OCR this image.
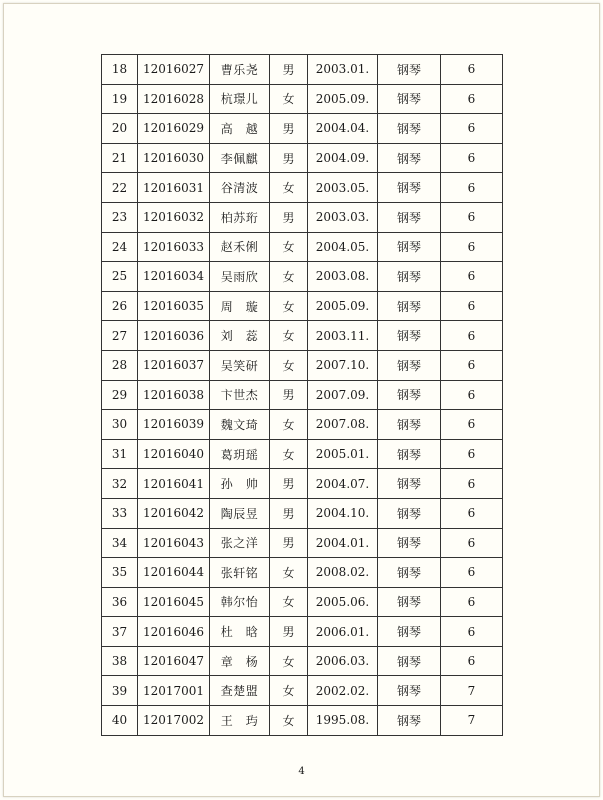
18	12016027	曹乐尧	男	2003.01.	钢琴	6
19	12016028	杭璟儿	女	2005.09.	钢琴	6
20	12016029	高　越	男	2004.04.	钢琴	6
21	12016030	李佩麒	男	2004.09.	钢琴	6
22	12016031	谷清波	女	2003.05.	钢琴	6
23	12016032	柏苏珩	男	2003.03.	钢琴	6
24	12016033	赵禾俐	女	2004.05.	钢琴	6
25	12016034	吴雨欣	女	2003.08.	钢琴	6
26	12016035	周　璇	女	2005.09.	钢琴	6
27	12016036	刘　蕊	女	2003.11.	钢琴	6
28	12016037	吴笑研	女	2007.10.	钢琴	6
29	12016038	卞世杰	男	2007.09.	钢琴	6
30	12016039	魏文琦	女	2007.08.	钢琴	6
31	12016040	葛玥瑶	女	2005.01.	钢琴	6
32	12016041	孙　帅	男	2004.07.	钢琴	6
33	12016042	陶辰昱	男	2004.10.	钢琴	6
34	12016043	张之洋	男	2004.01.	钢琴	6
35	12016044	张轩铭	女	2008.02.	钢琴	6
36	12016045	韩尔怡	女	2005.06.	钢琴	6
37	12016046	杜　晗	男	2006.01.	钢琴	6
38	12016047	章　杨	女	2006.03.	钢琴	6
39	12017001	查楚盟	女	2002.02.	钢琴	7
40	12017002	王　玙	女	1995.08.	钢琴	7
4
